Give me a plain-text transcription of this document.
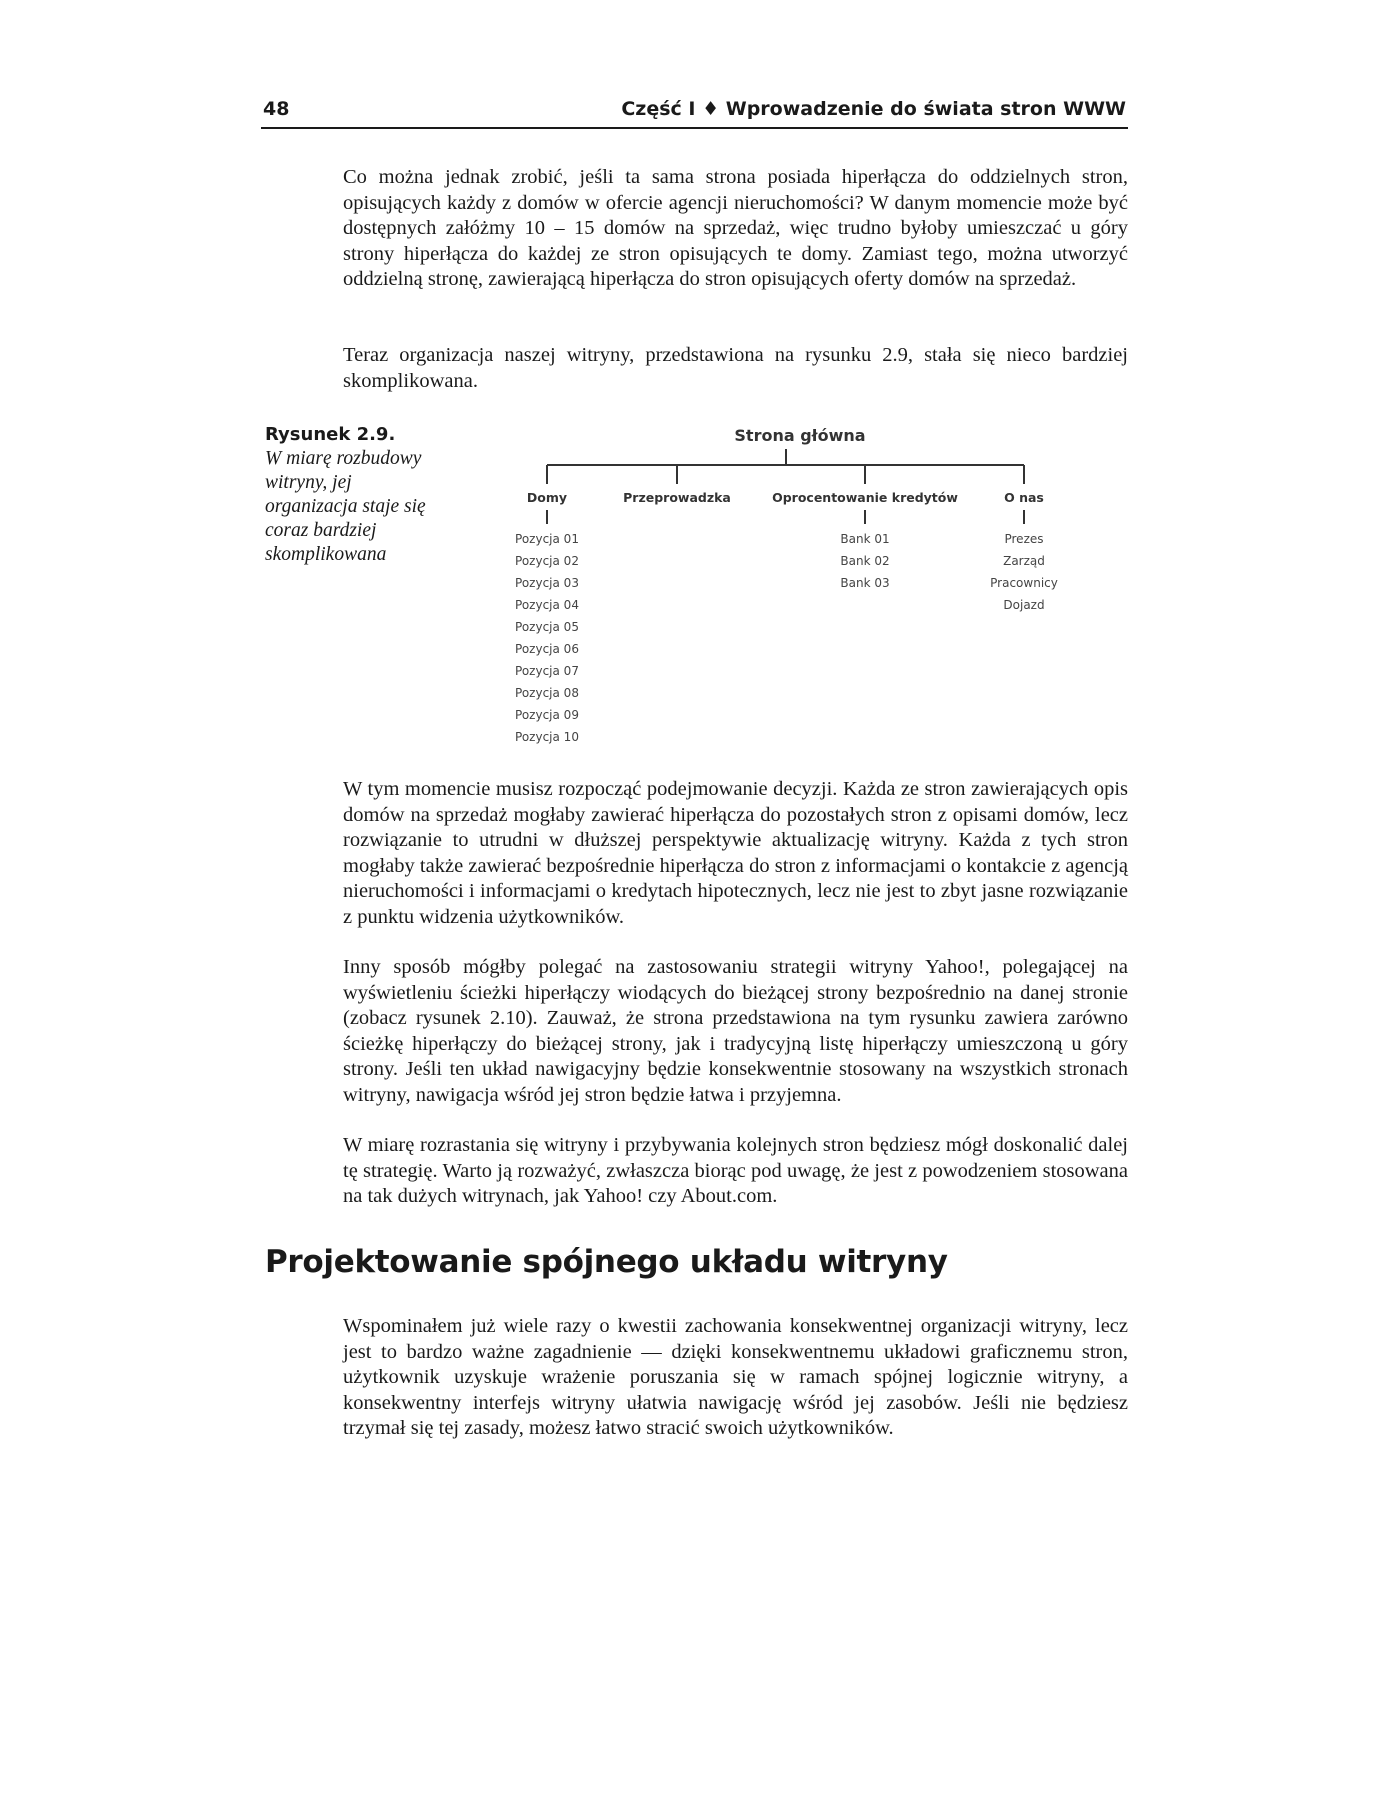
48	Część I ♦ Wprowadzenie do świata stron WWW

Co można jednak zrobić, jeśli ta sama strona posiada hiperłącza do oddzielnych stron, opisujących każdy z domów w ofercie agencji nieruchomości? W danym momencie może być dostępnych załóżmy 10 – 15 domów na sprzedaż, więc trudno byłoby umieszczać u góry strony hiperłącza do każdej ze stron opisujących te domy. Zamiast tego, można utworzyć oddzielną stronę, zawierającą hiperłącza do stron opisujących oferty domów na sprzedaż.

Teraz organizacja naszej witryny, przedstawiona na rysunku 2.9, stała się nieco bardziej skomplikowana.

Rysunek 2.9.
W miarę rozbudowy witryny, jej organizacja staje się coraz bardziej skomplikowana
Strona główna
Domy	Przeprowadzka	Oprocentowanie kredytów	O nas
Pozycja 01
Pozycja 02
Pozycja 03
Pozycja 04
Pozycja 05
Pozycja 06
Pozycja 07
Pozycja 08
Pozycja 09
Pozycja 10
Bank 01
Bank 02
Bank 03
Prezes
Zarząd
Pracownicy
Dojazd

W tym momencie musisz rozpocząć podejmowanie decyzji. Każda ze stron zawierających opis domów na sprzedaż mogłaby zawierać hiperłącza do pozostałych stron z opisami domów, lecz rozwiązanie to utrudni w dłuższej perspektywie aktualizację witryny. Każda z tych stron mogłaby także zawierać bezpośrednie hiperłącza do stron z informacjami o kontakcie z agencją nieruchomości i informacjami o kredytach hipotecznych, lecz nie jest to zbyt jasne rozwiązanie z punktu widzenia użytkowników.

Inny sposób mógłby polegać na zastosowaniu strategii witryny Yahoo!, polegającej na wyświetleniu ścieżki hiperłączy wiodących do bieżącej strony bezpośrednio na danej stronie (zobacz rysunek 2.10). Zauważ, że strona przedstawiona na tym rysunku zawiera zarówno ścieżkę hiperłączy do bieżącej strony, jak i tradycyjną listę hiperłączy umieszczoną u góry strony. Jeśli ten układ nawigacyjny będzie konsekwentnie stosowany na wszystkich stronach witryny, nawigacja wśród jej stron będzie łatwa i przyjemna.

W miarę rozrastania się witryny i przybywania kolejnych stron będziesz mógł doskonalić dalej tę strategię. Warto ją rozważyć, zwłaszcza biorąc pod uwagę, że jest z powodzeniem stosowana na tak dużych witrynach, jak Yahoo! czy About.com.

Projektowanie spójnego układu witryny

Wspominałem już wiele razy o kwestii zachowania konsekwentnej organizacji witryny, lecz jest to bardzo ważne zagadnienie — dzięki konsekwentnemu układowi graficznemu stron, użytkownik uzyskuje wrażenie poruszania się w ramach spójnej logicznie witryny, a konsekwentny interfejs witryny ułatwia nawigację wśród jej zasobów. Jeśli nie będziesz trzymał się tej zasady, możesz łatwo stracić swoich użytkowników.
